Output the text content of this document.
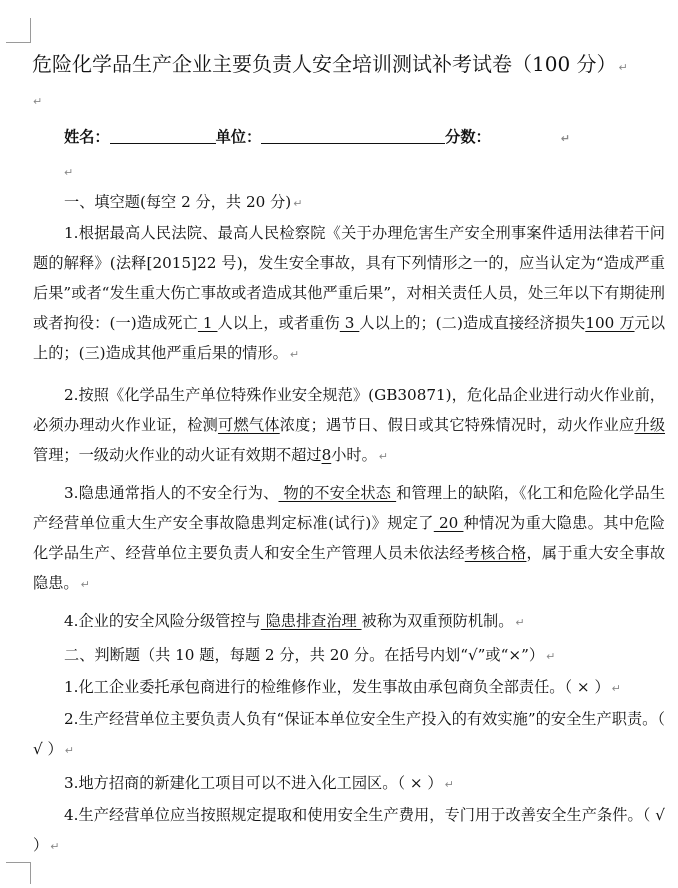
危险化学品生产企业主要负责人安全培训测试补考试卷（100 分） ↵
↵
姓名：	单位：	分数：	↵
↵
一、填空题(每空 2 分，共 20 分) ↵
1.根据最高人民法院、最高人民检察院《关于办理危害生产安全刑事案件适用法律若干问题的解释》(法释[2015]22 号)，发生安全事故，具有下列情形之一的，应当认定为“造成严重后果”或者“发生重大伤亡事故或者造成其他严重后果”，对相关责任人员，处三年以下有期徒刑或者拘役：(一)造成死亡 1 人以上，或者重伤 3 人以上的；(二)造成直接经济损失100 万元以上的；(三)造成其他严重后果的情形。 ↵
2.按照《化学品生产单位特殊作业安全规范》(GB30871)，危化品企业进行动火作业前，必须办理动火作业证，检测可燃气体浓度；遇节日、假日或其它特殊情况时，动火作业应升级管理；一级动火作业的动火证有效期不超过8小时。 ↵
3.隐患通常指人的不安全行为、 物的不安全状态 和管理上的缺陷，《化工和危险化学品生产经营单位重大生产安全事故隐患判定标准(试行)》规定了 20 种情况为重大隐患。其中危险化学品生产、经营单位主要负责人和安全生产管理人员未依法经考核合格，属于重大安全事故隐患。 ↵
4.企业的安全风险分级管控与 隐患排查治理 被称为双重预防机制。 ↵
二、判断题（共 10 题，每题 2 分，共 20 分。在括号内划“√”或“×”） ↵
1.化工企业委托承包商进行的检维修作业，发生事故由承包商负全部责任。（ × ） ↵
2.生产经营单位主要负责人负有“保证本单位安全生产投入的有效实施”的安全生产职责。（ √ ） ↵
3.地方招商的新建化工项目可以不进入化工园区。（ × ） ↵
4.生产经营单位应当按照规定提取和使用安全生产费用，专门用于改善安全生产条件。（ √ ） ↵
